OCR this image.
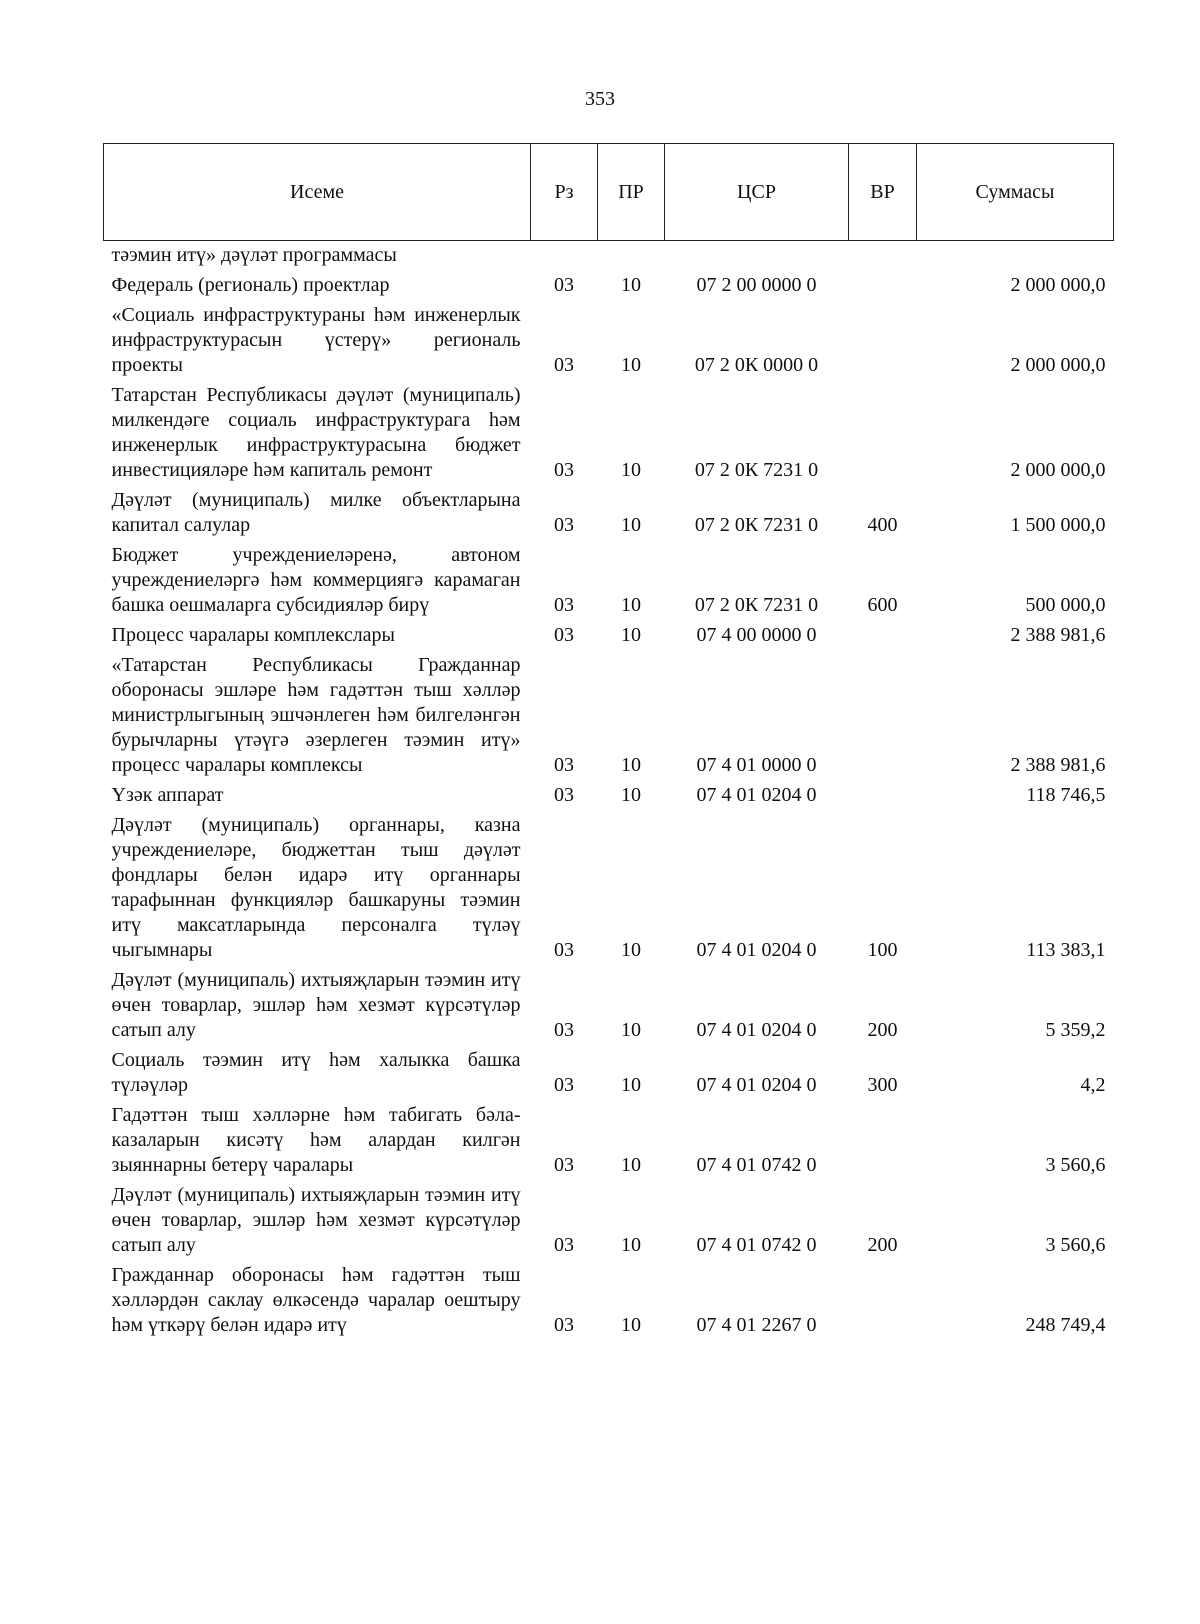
353
Исеме	Рз	ПР	ЦСР	ВР	Суммасы
тәэмин итү» дәүләт программасы					
Федераль (региональ) проектлар	03	10	07 2 00 0000 0		2 000 000,0
«Социаль инфраструктураны һәм инженерлык инфраструктурасын үстерү» региональ проекты	03	10	07 2 0К 0000 0		2 000 000,0
Татарстан Республикасы дәүләт (муниципаль) милкендәге социаль инфраструктурага һәм инженерлык инфраструктурасына бюджет инвестицияләре һәм капиталь ремонт	03	10	07 2 0К 7231 0		2 000 000,0
Дәүләт (муниципаль) милке объектларына капитал салулар	03	10	07 2 0К 7231 0	400	1 500 000,0
Бюджет учреждениеләренә, автоном учреждениеләргә һәм коммерциягә карамаган башка оешмаларга субсидияләр бирү	03	10	07 2 0К 7231 0	600	500 000,0
Процесс чаралары комплекслары	03	10	07 4 00 0000 0		2 388 981,6
«Татарстан Республикасы Гражданнар оборонасы эшләре һәм гадәттән тыш хәлләр министрлыгының эшчәнлеген һәм билгеләнгән бурычларны үтәүгә әзерлеген тәэмин итү» процесс чаралары комплексы	03	10	07 4 01 0000 0		2 388 981,6
Үзәк аппарат	03	10	07 4 01 0204 0		118 746,5
Дәүләт (муниципаль) органнары, казна учреждениеләре, бюджеттан тыш дәүләт фондлары белән идарә итү органнары тарафыннан функцияләр башкаруны тәэмин итү максатларында персоналга түләү чыгымнары	03	10	07 4 01 0204 0	100	113 383,1
Дәүләт (муниципаль) ихтыяҗларын тәэмин итү өчен товарлар, эшләр һәм хезмәт күрсәтүләр сатып алу	03	10	07 4 01 0204 0	200	5 359,2
Социаль тәэмин итү һәм халыкка башка түләүләр	03	10	07 4 01 0204 0	300	4,2
Гадәттән тыш хәлләрне һәм табигать бәла-казаларын кисәтү һәм алардан килгән зыяннарны бетерү чаралары	03	10	07 4 01 0742 0		3 560,6
Дәүләт (муниципаль) ихтыяҗларын тәэмин итү өчен товарлар, эшләр һәм хезмәт күрсәтүләр сатып алу	03	10	07 4 01 0742 0	200	3 560,6
Гражданнар оборонасы һәм гадәттән тыш хәлләрдән саклау өлкәсендә чаралар оештыру һәм үткәрү белән идарә итү	03	10	07 4 01 2267 0		248 749,4
